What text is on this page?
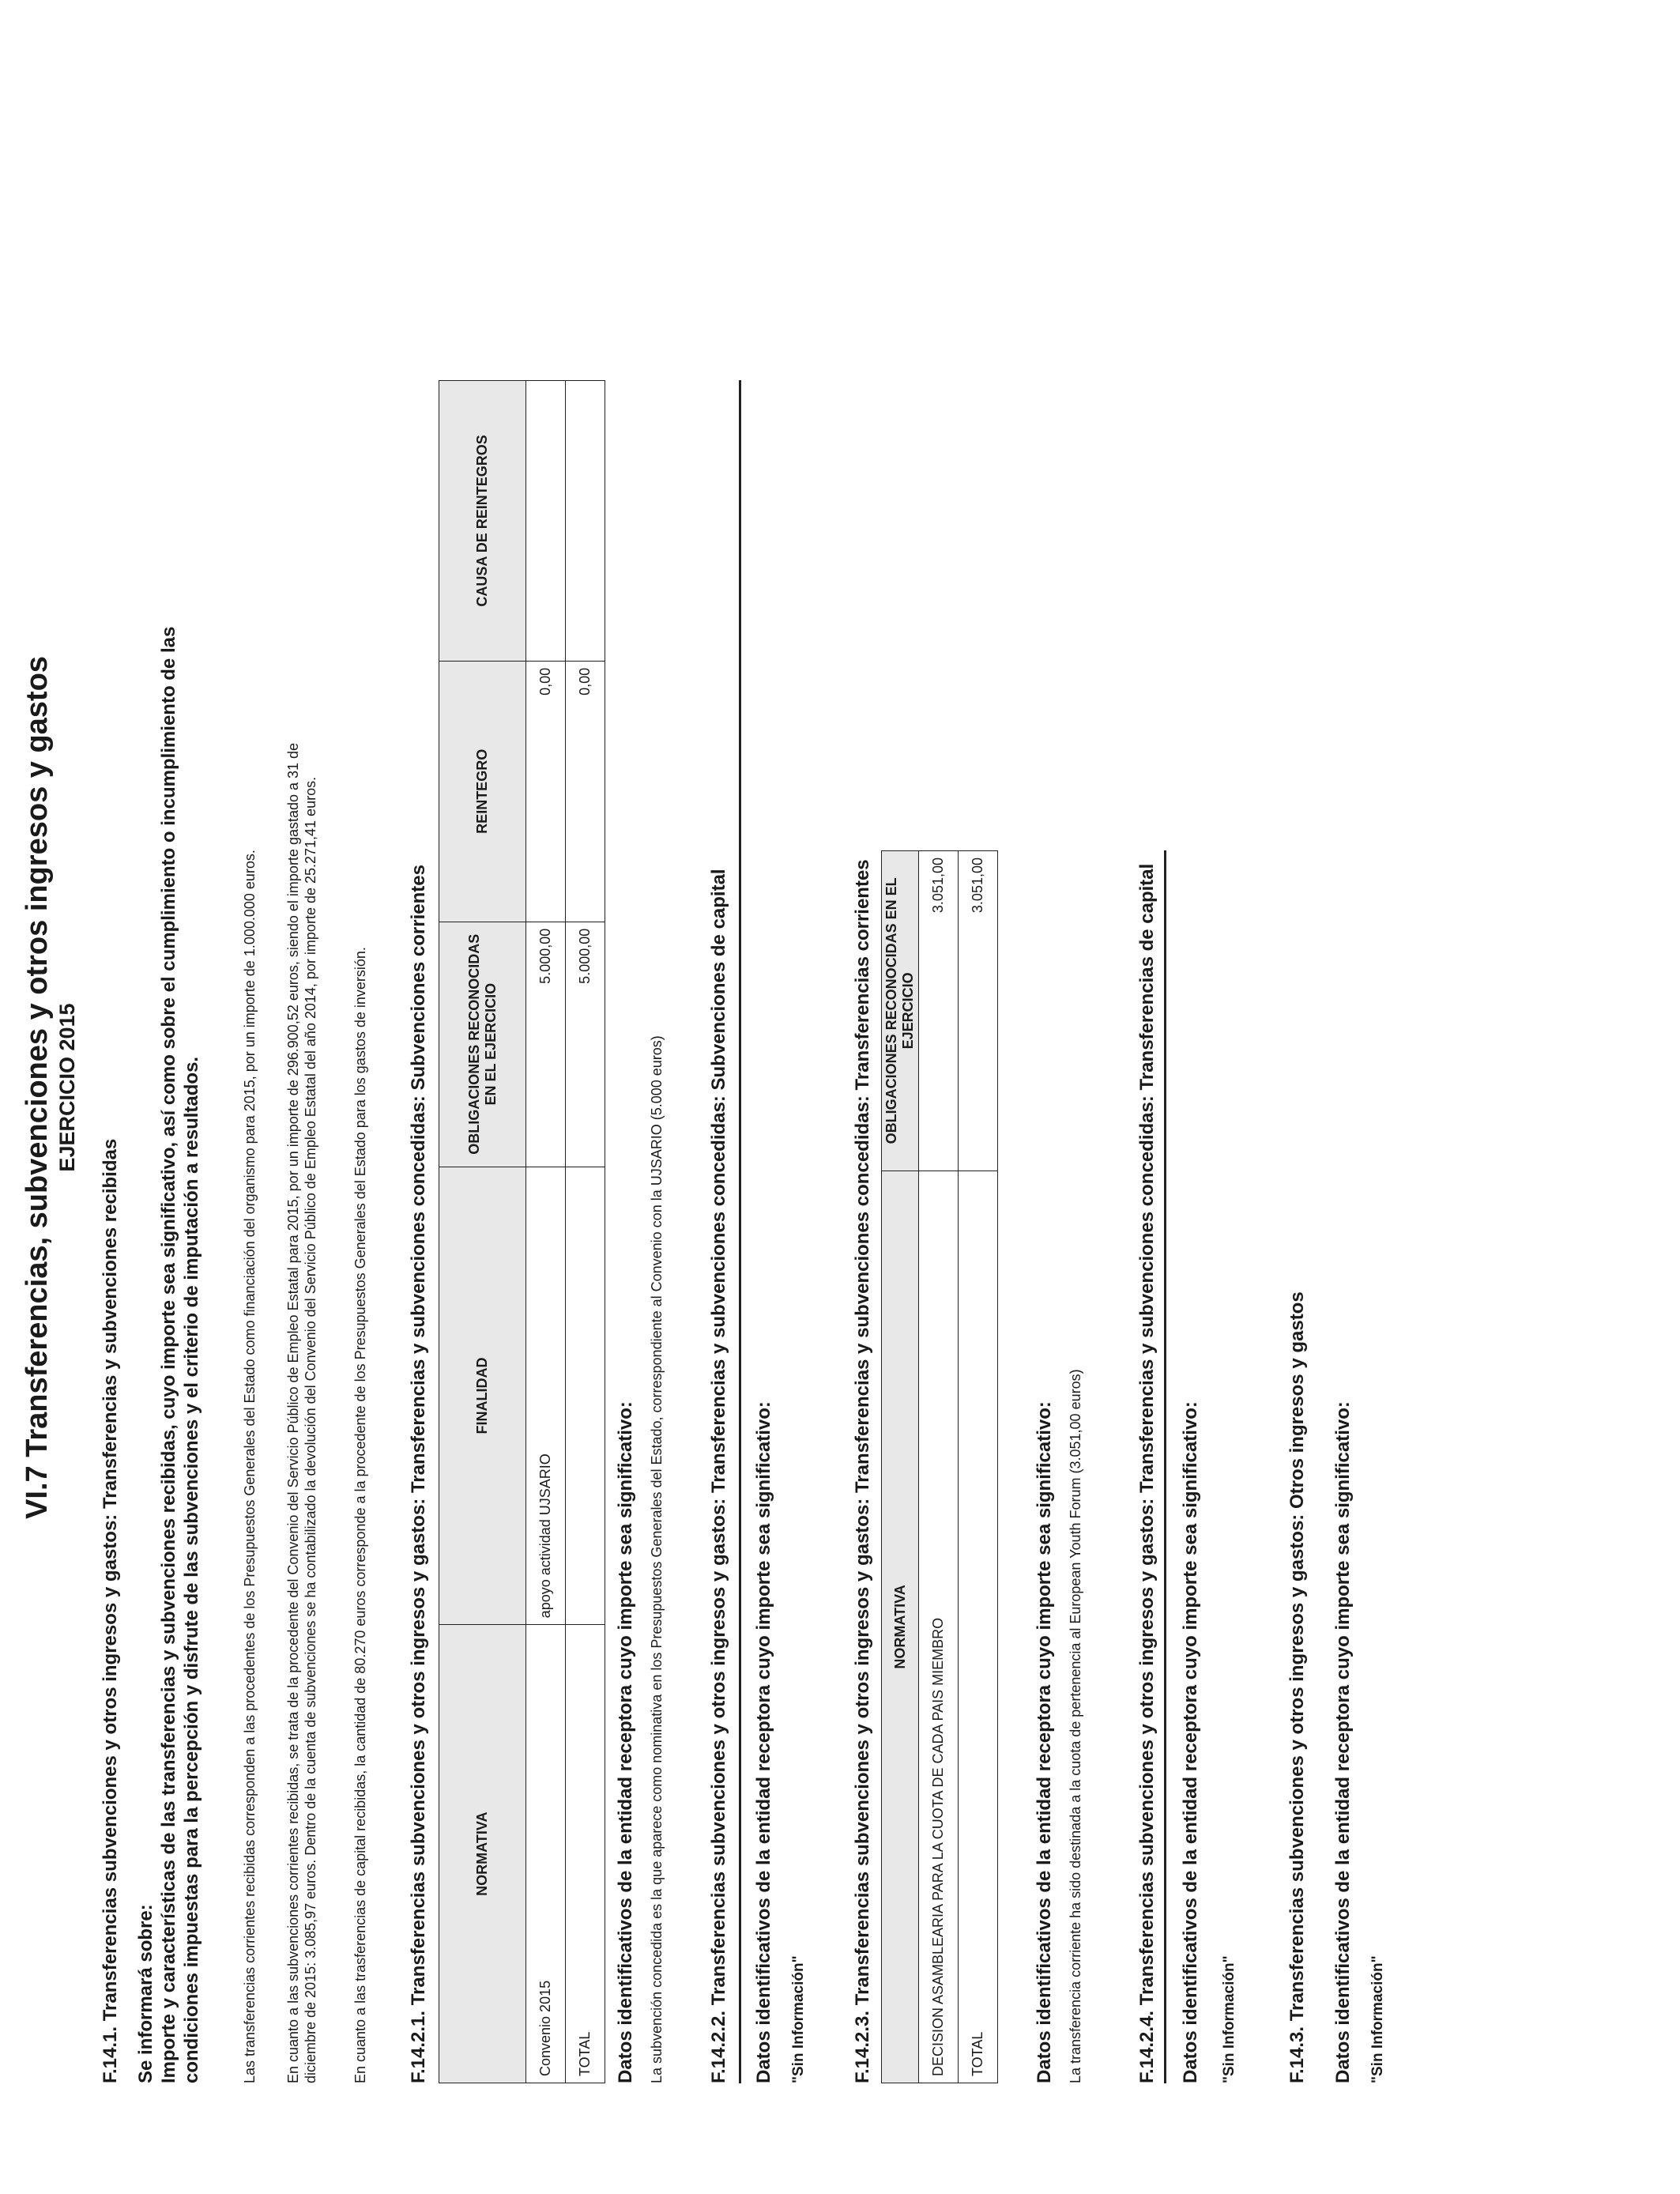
VI.7 Transferencias, subvenciones y otros ingresos y gastos EJERCICIO 2015
F.14.1. Transferencias subvenciones y otros ingresos y gastos: Transferencias y subvenciones recibidas Se informará sobre: Importe y características de las transferencias y subvenciones recibidas, cuyo importe sea significativo, así como sobre el cumplimiento o incumplimiento de las condiciones impuestas para la percepción y disfrute de las subvenciones y el criterio de imputación a resultados.	Las transferencias corrientes recibidas corresponden a las procedentes de los Presupuestos Generales del Estado como financiación del organismo para 2015, por un importe de 1.000.000 euros. En cuanto a las subvenciones corrientes recibidas, se trata de la procedente del Convenio del Servicio Público de Empleo Estatal para 2015, por un importe de 296.900,52 euros, siendo el importe gastado a 31 de diciembre de 2015: 3.085,97 euros. Dentro de la cuenta de subvenciones se ha contabilizado la devolución del Convenio del Servicio Público de Empleo Estatal del año 2014, por importe de 25.271,41 euros. En cuanto a las trasferencias de capital recibidas, la cantidad de 80.270 euros corresponde a la procedente de los Presupuestos Generales del Estado para los gastos de inversión. F.14.2.1. Transferencias subvenciones y otros ingresos y gastos: Transferencias y subvenciones concedidas: Subvenciones corrientes	NORMATIVA	FINALIDAD	OBLIGACIONES RECONOCIDAS EN EL EJERCICIO	REINTEGRO	CAUSA DE REINTEGROS
Convenio 2015	apoyo actividad UJSARIO	5.000,00	0,00	
TOTAL		5.000,00	0,00	
Datos identificativos de la entidad receptora cuyo importe sea significativo: La subvención concedida es la que aparece como nominativa en los Presupuestos Generales del Estado, correspondiente al Convenio con la UJSARIO (5.000 euros) F.14.2.2. Transferencias subvenciones y otros ingresos y gastos: Transferencias y subvenciones concedidas: Subvenciones de capital Datos identificativos de la entidad receptora cuyo importe sea significativo: "Sin Información" F.14.2.3. Transferencias subvenciones y otros ingresos y gastos: Transferencias y subvenciones concedidas: Transferencias corrientes NORMATIVA	OBLIGACIONES RECONOCIDAS EN EL EJERCICIO
DECISION ASAMBLEARIA PARA LA CUOTA DE CADA PAIS MIEMBRO	3.051,00
TOTAL	3.051,00
Datos identificativos de la entidad receptora cuyo importe sea significativo: La transferencia corriente ha sido destinada a la cuota de pertenencia al European Youth Forum (3.051,00 euros)	F.14.2.4. Transferencias subvenciones y otros ingresos y gastos: Transferencias y subvenciones concedidas: Transferencias de capital Datos identificativos de la entidad receptora cuyo importe sea significativo: "Sin Información"	F.14.3. Transferencias subvenciones y otros ingresos y gastos: Otros ingresos y gastos Datos identificativos de la entidad receptora cuyo importe sea significativo: "Sin Información"
